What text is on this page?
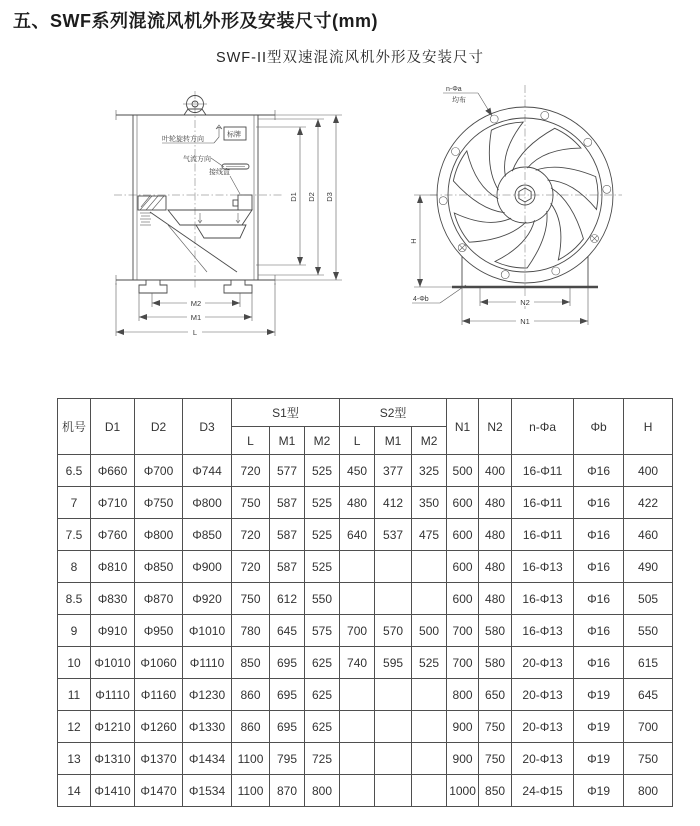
五、SWF系列混流风机外形及安装尺寸(mm)
SWF-II型双速混流风机外形及安装尺寸
叶轮旋转方向
标牌
气流方向
接线盒
D1 D2 D3
M2
M1
L
n-Φa
均布
H
4-Φb	N2
N1
机号	D1	D2	D3	S1型			S2型			N1	N2	n-Φa	Φb	H
				L	M1	M2	L	M1	M2					
6.5	Φ660	Φ700	Φ744	720	577	525	450	377	325	500	400	16-Φ11	Φ16	400
7	Φ710	Φ750	Φ800	750	587	525	480	412	350	600	480	16-Φ11	Φ16	422
7.5	Φ760	Φ800	Φ850	720	587	525	640	537	475	600	480	16-Φ11	Φ16	460
8	Φ810	Φ850	Φ900	720	587	525				600	480	16-Φ13	Φ16	490
8.5	Φ830	Φ870	Φ920	750	612	550				600	480	16-Φ13	Φ16	505
9	Φ910	Φ950	Φ1010	780	645	575	700	570	500	700	580	16-Φ13	Φ16	550
10	Φ1010	Φ1060	Φ1110	850	695	625	740	595	525	700	580	20-Φ13	Φ16	615
11	Φ1110	Φ1160	Φ1230	860	695	625				800	650	20-Φ13	Φ19	645
12	Φ1210	Φ1260	Φ1330	860	695	625				900	750	20-Φ13	Φ19	700
13	Φ1310	Φ1370	Φ1434	1100	795	725				900	750	20-Φ13	Φ19	750
14	Φ1410	Φ1470	Φ1534	1100	870	800				1000	850	24-Φ15	Φ19	800
